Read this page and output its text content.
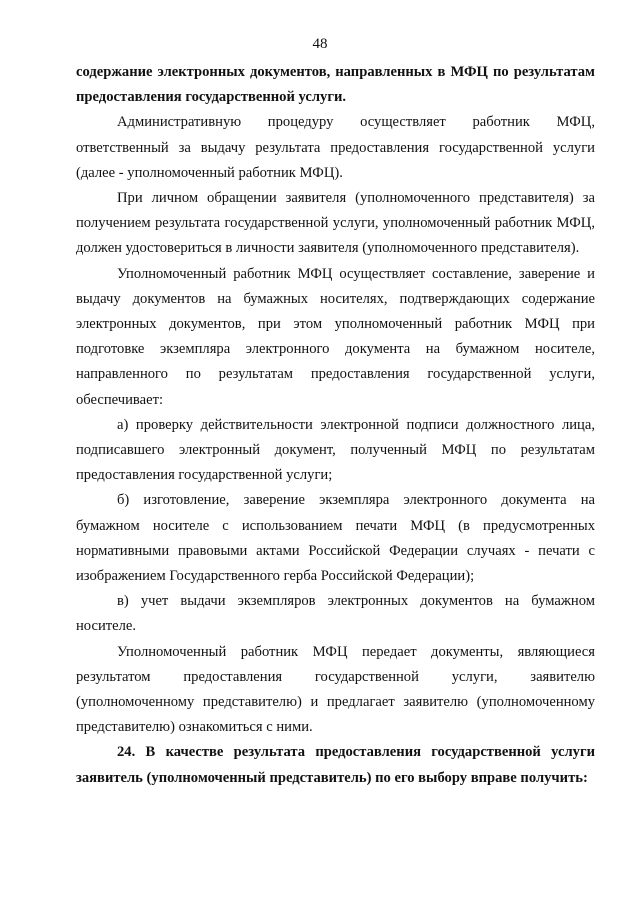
48

содержание электронных документов, направленных в МФЦ по результатам предоставления государственной услуги.

Административную процедуру осуществляет работник МФЦ, ответственный за выдачу результата предоставления государственной услуги (далее - уполномоченный работник МФЦ).

При личном обращении заявителя (уполномоченного представителя) за получением результата государственной услуги, уполномоченный работник МФЦ, должен удостовериться в личности заявителя (уполномоченного представителя).

Уполномоченный работник МФЦ осуществляет составление, заверение и выдачу документов на бумажных носителях, подтверждающих содержание электронных документов, при этом уполномоченный работник МФЦ при подготовке экземпляра электронного документа на бумажном носителе, направленного по результатам предоставления государственной услуги, обеспечивает:

а) проверку действительности электронной подписи должностного лица, подписавшего электронный документ, полученный МФЦ по результатам предоставления государственной услуги;

б) изготовление, заверение экземпляра электронного документа на бумажном носителе с использованием печати МФЦ (в предусмотренных нормативными правовыми актами Российской Федерации случаях - печати с изображением Государственного герба Российской Федерации);

в) учет выдачи экземпляров электронных документов на бумажном носителе.

Уполномоченный работник МФЦ передает документы, являющиеся результатом предоставления государственной услуги, заявителю (уполномоченному представителю) и предлагает заявителю (уполномоченному представителю) ознакомиться с ними.

24. В качестве результата предоставления государственной услуги заявитель (уполномоченный представитель) по его выбору вправе получить:
